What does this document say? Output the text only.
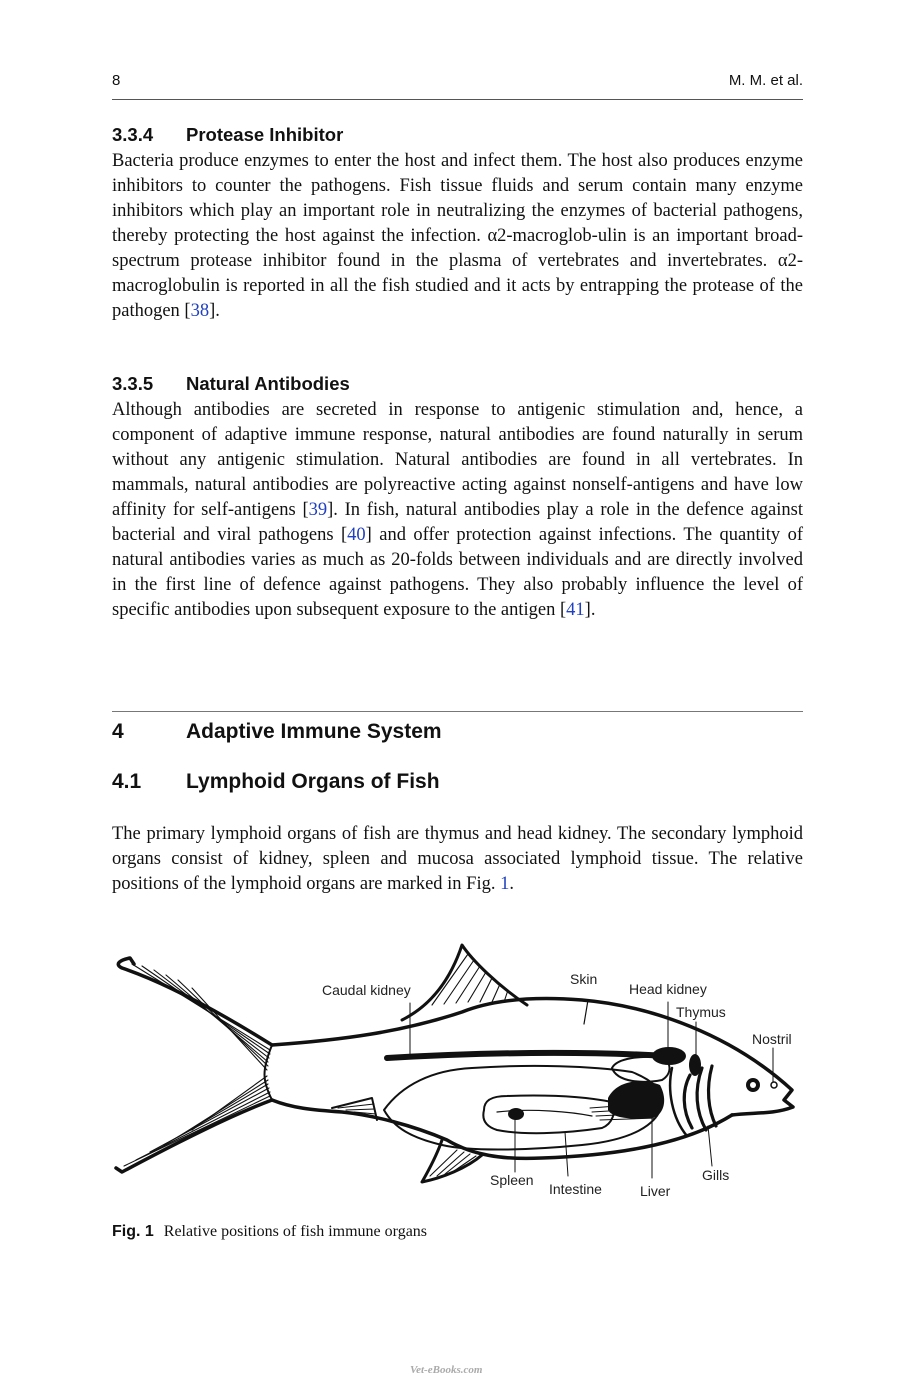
8	M. M. et al.
3.3.4 Protease Inhibitor

Bacteria produce enzymes to enter the host and infect them. The host also produces enzyme inhibitors to counter the pathogens. Fish tissue fluids and serum contain many enzyme inhibitors which play an important role in neutralizing the enzymes of bacterial pathogens, thereby protecting the host against the infection. α2-macroglob-ulin is an important broad-spectrum protease inhibitor found in the plasma of vertebrates and invertebrates. α2-macroglobulin is reported in all the fish studied and it acts by entrapping the protease of the pathogen [38].

3.3.5 Natural Antibodies

Although antibodies are secreted in response to antigenic stimulation and, hence, a component of adaptive immune response, natural antibodies are found naturally in serum without any antigenic stimulation. Natural antibodies are found in all vertebrates. In mammals, natural antibodies are polyreactive acting against nonself-antigens and have low affinity for self-antigens [39]. In fish, natural antibodies play a role in the defence against bacterial and viral pathogens [40] and offer protection against infections. The quantity of natural antibodies varies as much as 20-folds between individuals and are directly involved in the first line of defence against pathogens. They also probably influence the level of specific antibodies upon subsequent exposure to the antigen [41].

4	Adaptive Immune System
4.1 Lymphoid Organs of Fish

The primary lymphoid organs of fish are thymus and head kidney. The secondary lymphoid organs consist of kidney, spleen and mucosa associated lymphoid tissue. The relative positions of the lymphoid organs are marked in Fig. 1.

Caudal kidney
Skin
Head kidney
Thymus
Nostril
Spleen
Intestine	Liver
Gills
Fig. 1 Relative positions of fish immune organs
Vet-eBooks.com
